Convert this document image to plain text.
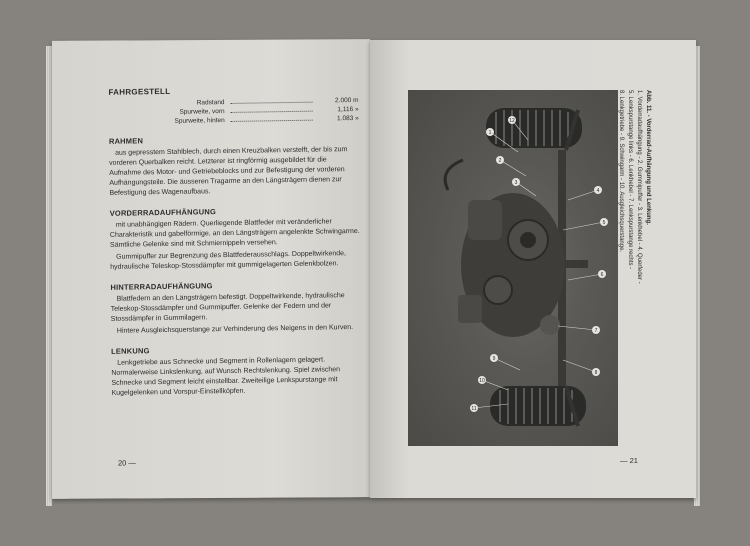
FAHRGESTELL
Radstand	2.000 m
Spurweite, vorn	1,116 »
Spurweite, hinten	1.083 »
RAHMEN

aus gepresstem Stahlblech, durch einen Kreuzbalken verstelft, der bis zum vorderen Querbalken reicht. Letzterer ist ringförmig ausgebildet für die Aufnahme des Motor- und Getriebeblocks und zur Befestigung der vorderen Aufhängungsteile. Die äusseren Tragarme an den Längsträgern dienen zur Befestigung des Wagenaufbaus.

VORDERRADAUFHÄNGUNG

mit unabhängigen Rädern. Querliegende Blattfeder mit veränderlicher Charakteristik und gabelförmige, an den Längsträgern angelenkte Schwingarme. Sämtliche Gelenke sind mit Schmiernippeln versehen.

Gummipuffer zur Begrenzung des Blattfederausschlags. Doppeltwirkende, hydraulische Teleskop-Stossdämpfer mit gummigelagerten Gelenkbolzen.

HINTERRADAUFHÄNGUNG

Blattfedern an den Längsträgern befestigt. Doppeltwirkende, hydraulische Teleskop-Stossdämpfer und Gummipuffer. Gelenke der Federn und der Stossdämpfer in Gummilagern.

Hintere Ausgleichsquerstange zur Verhinderung des Neigens in den Kurven.

LENKUNG

Lenkgetriebe aus Schnecke und Segment in Rollenlagern gelagert. Normalerweise Linkslenkung, auf Wunsch Rechtslenkung. Spiel zwischen Schnecke und Segment leicht einstellbar. Zweiteilige Lenkspurstange mit Kugelgelenken und Vorspur-Einstellköpfen.

20 —
1
2
3
4
5
6
7
8
9
10
11
12	Abb. 11. - Vorderrad-Aufhängung und Lenkung.
1. Vorderradaufhängung - 2. Gummipuffer - 3. Lenkhebel - 4. Querfeder -
5. Lenkspurstange links - 6. Lenkhebel - 7. Lenkspurstange rechts -
8. Lenkgetriebe - 9. Schwingarm - 10. Ausgleichsquerstange.
— 21
